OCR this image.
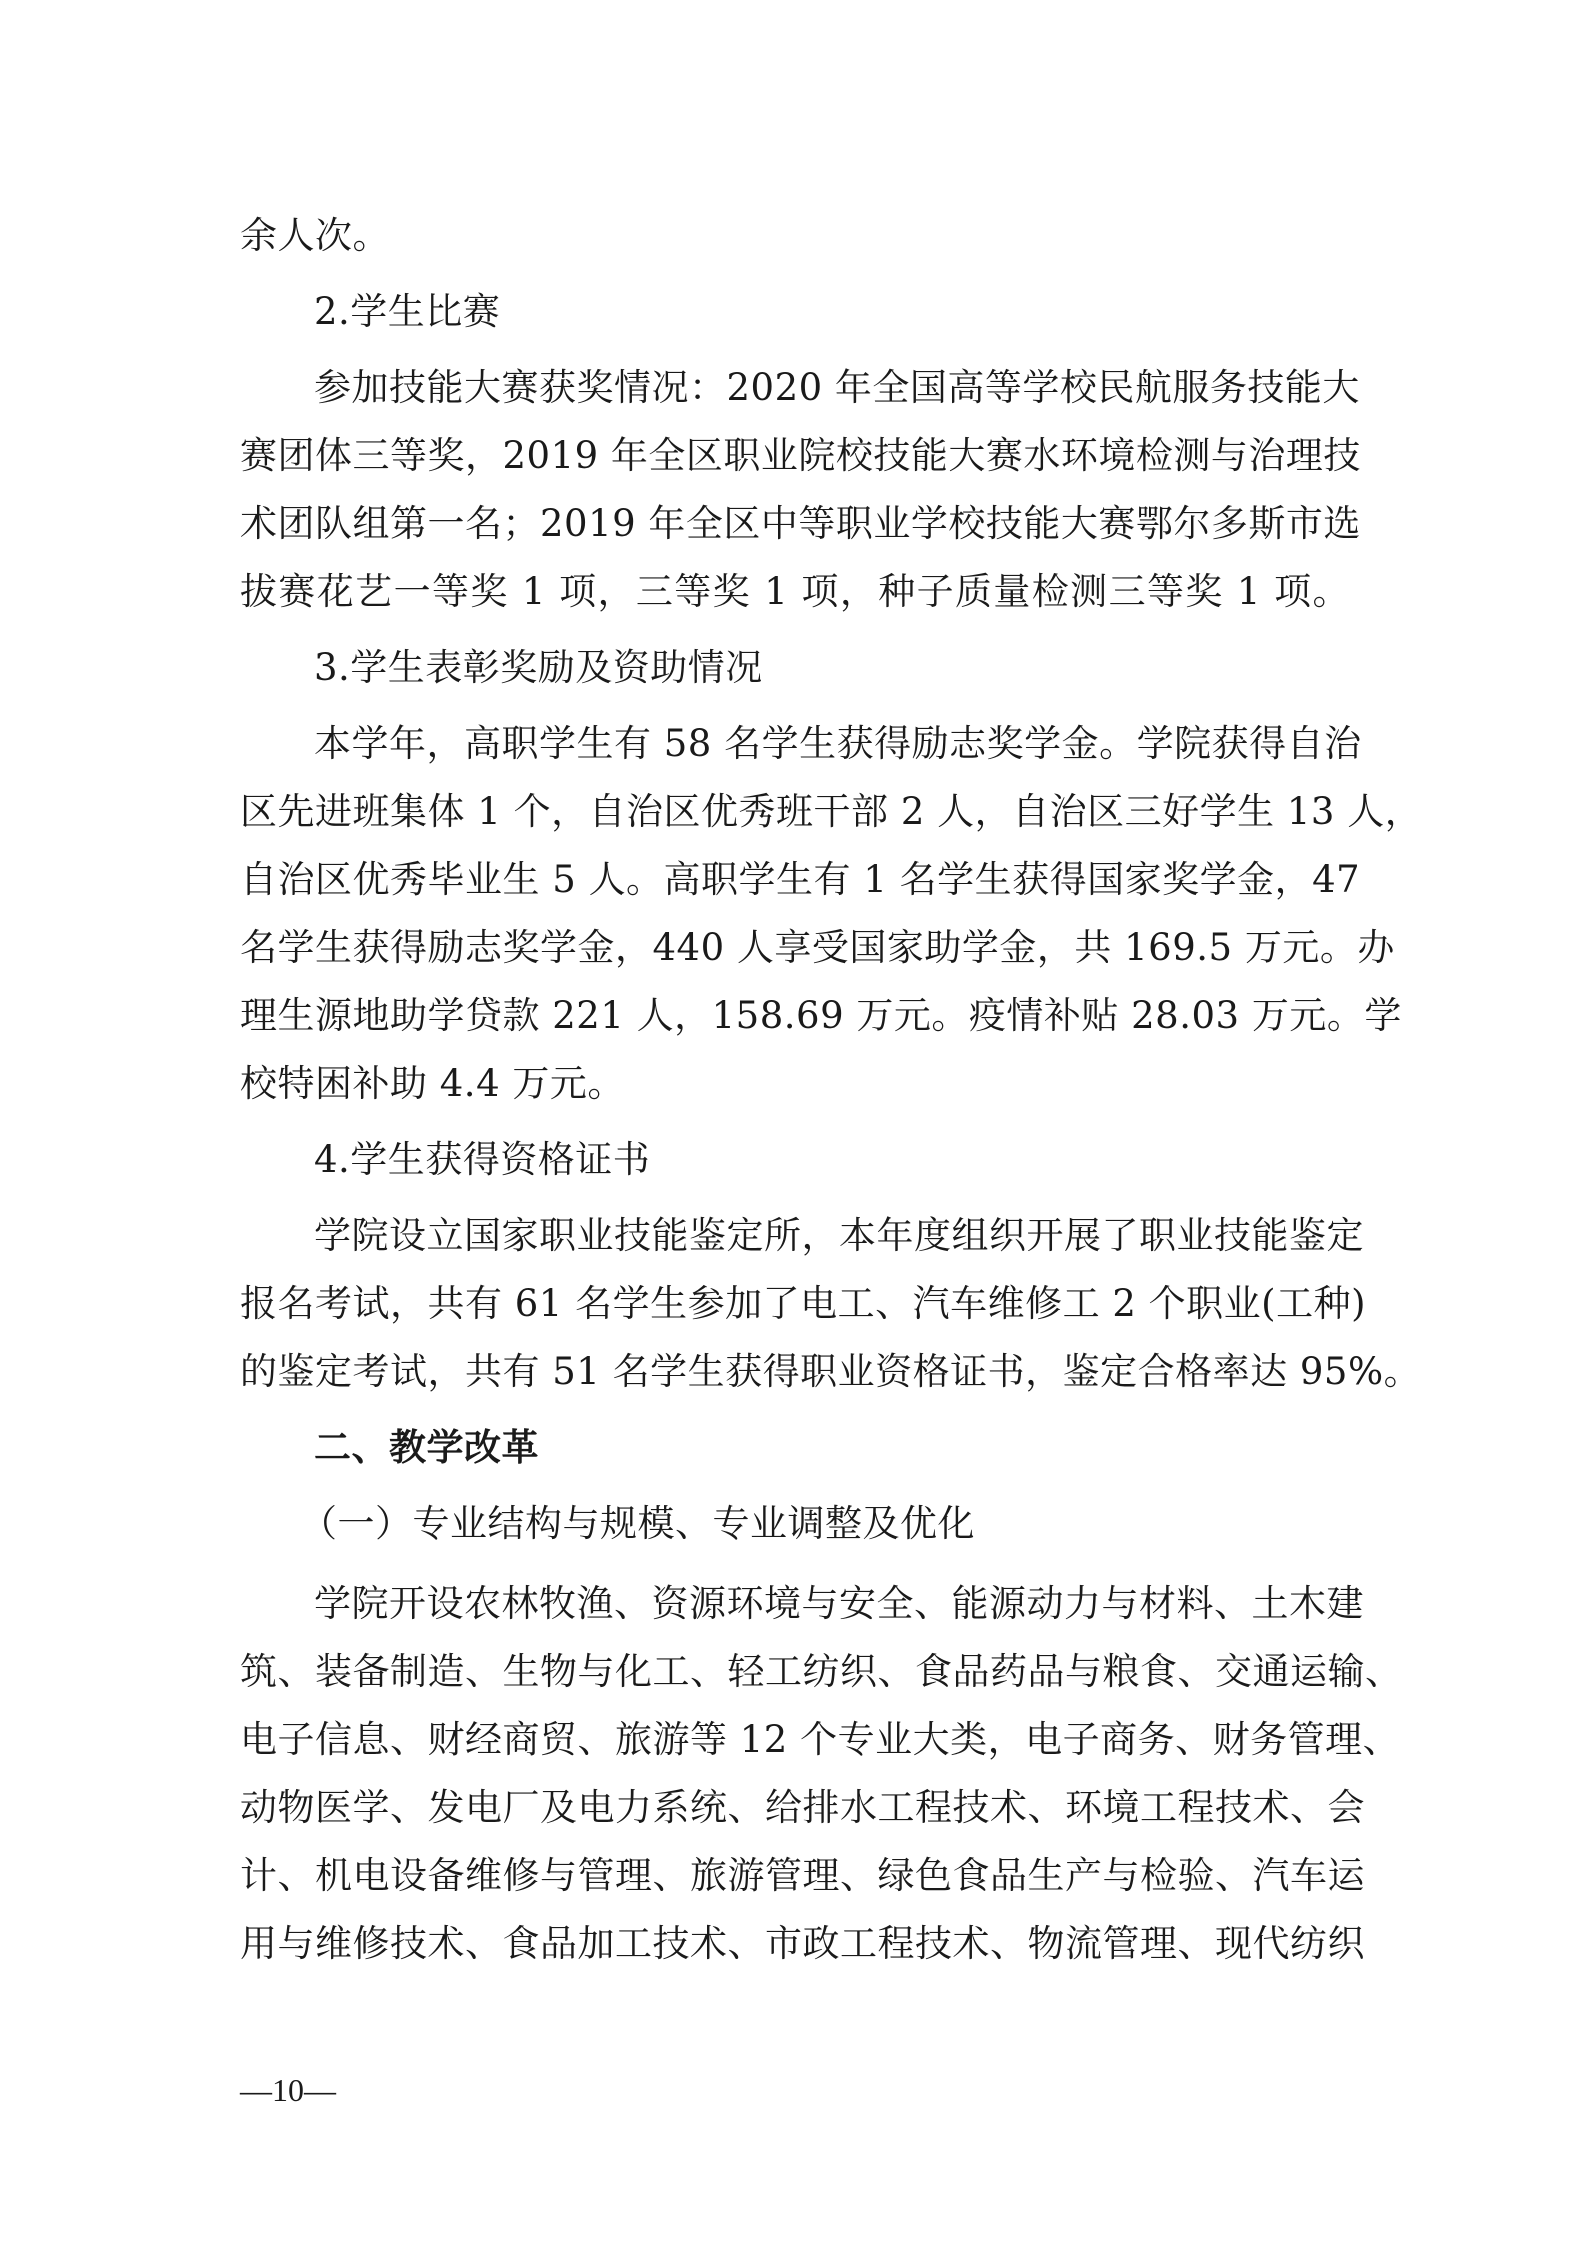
余人次。
2.学生比赛
参加技能大赛获奖情况：2020 年全国高等学校民航服务技能大
赛团体三等奖，2019 年全区职业院校技能大赛水环境检测与治理技
术团队组第一名；2019 年全区中等职业学校技能大赛鄂尔多斯市选
拔赛花艺一等奖 1 项，三等奖 1 项，种子质量检测三等奖 1 项。
3.学生表彰奖励及资助情况
本学年，高职学生有 58 名学生获得励志奖学金。学院获得自治
区先进班集体 1 个，自治区优秀班干部 2 人，自治区三好学生 13 人，
自治区优秀毕业生 5 人。高职学生有 1 名学生获得国家奖学金，47
名学生获得励志奖学金，440 人享受国家助学金，共 169.5 万元。办
理生源地助学贷款 221 人，158.69 万元。疫情补贴 28.03 万元。学
校特困补助 4.4 万元。
4.学生获得资格证书
学院设立国家职业技能鉴定所，本年度组织开展了职业技能鉴定
报名考试，共有 61 名学生参加了电工、汽车维修工 2 个职业(工种)
的鉴定考试，共有 51 名学生获得职业资格证书，鉴定合格率达 95%。
二、教学改革
（一）专业结构与规模、专业调整及优化
学院开设农林牧渔、资源环境与安全、能源动力与材料、土木建
筑、装备制造、生物与化工、轻工纺织、食品药品与粮食、交通运输、
电子信息、财经商贸、旅游等 12 个专业大类，电子商务、财务管理、
动物医学、发电厂及电力系统、给排水工程技术、环境工程技术、会
计、机电设备维修与管理、旅游管理、绿色食品生产与检验、汽车运
用与维修技术、食品加工技术、市政工程技术、物流管理、现代纺织
—10—
